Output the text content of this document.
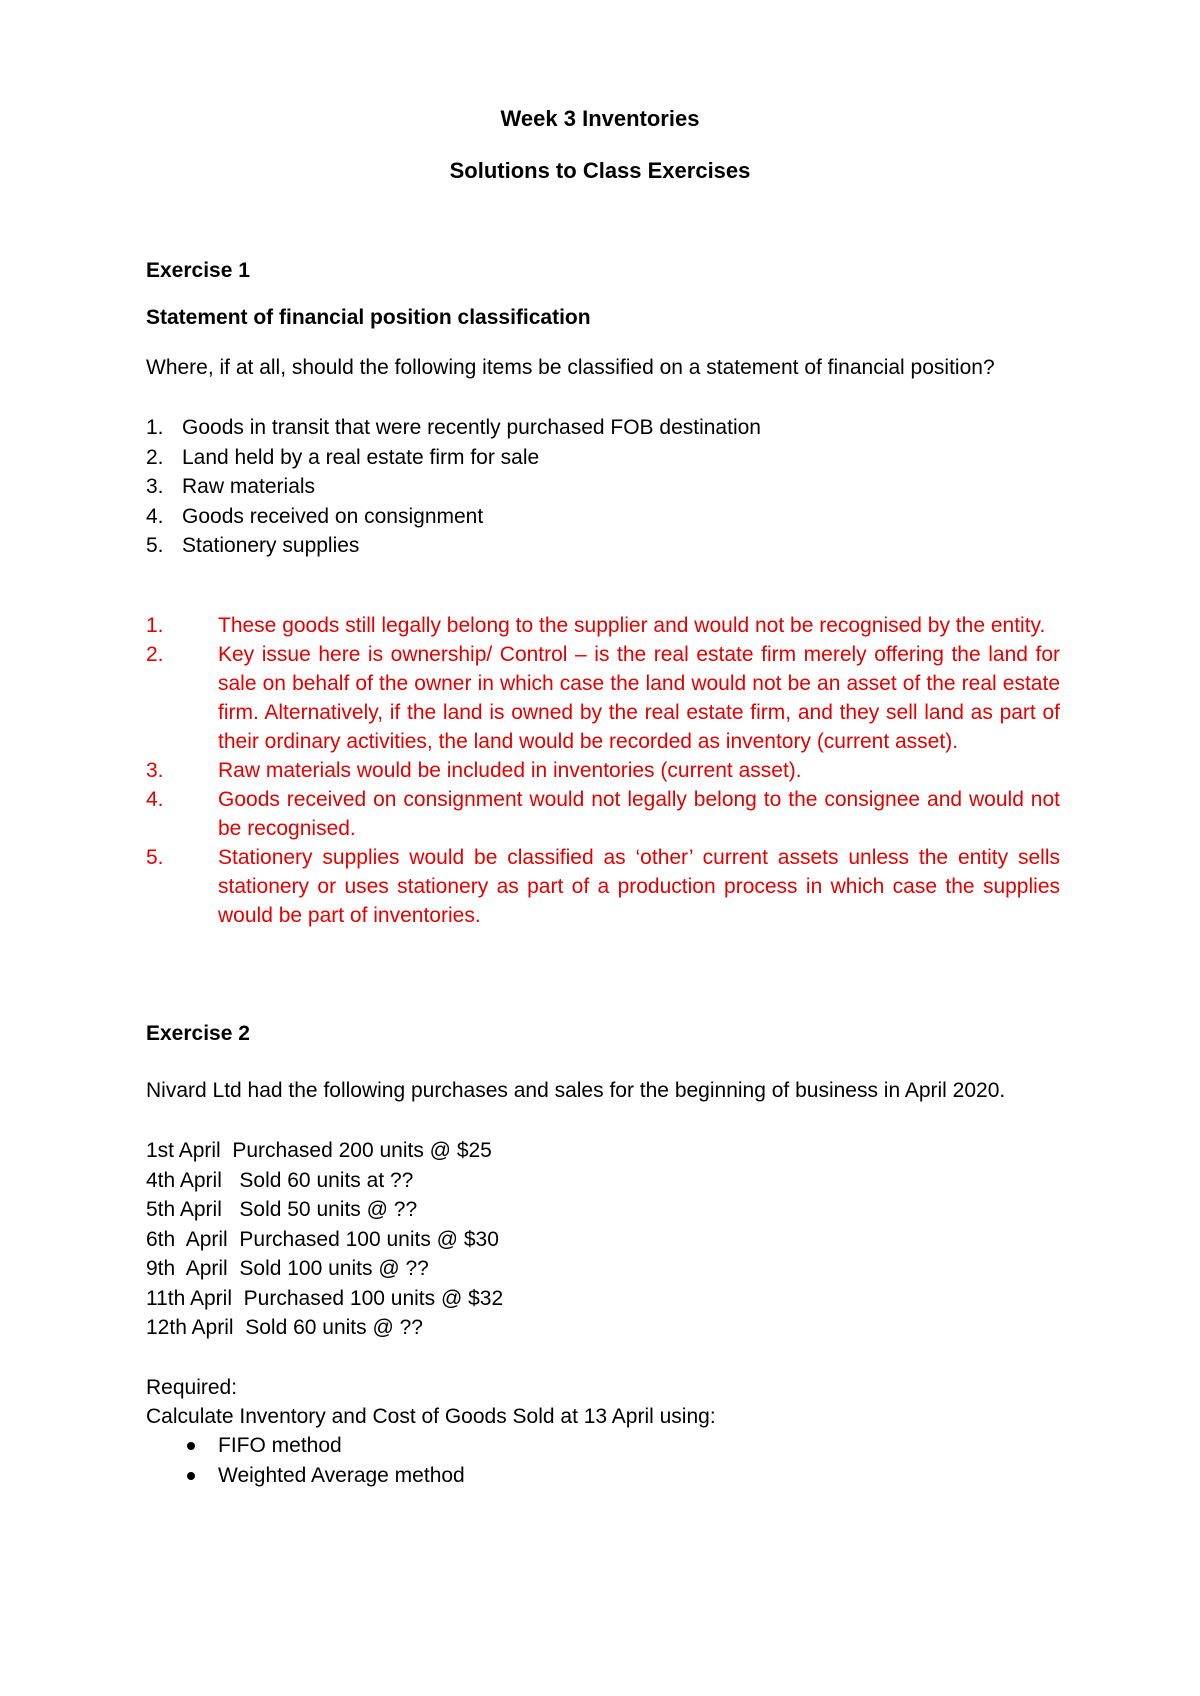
Week 3 Inventories
Solutions to Class Exercises
Exercise 1
Statement of financial position classification
Where, if at all, should the following items be classified on a statement of financial position?
1. Goods in transit that were recently purchased FOB destination
2. Land held by a real estate firm for sale
3. Raw materials
4. Goods received on consignment
5. Stationery supplies
1.	These goods still legally belong to the supplier and would not be recognised by the entity.
2.	Key issue here is ownership/ Control – is the real estate firm merely offering the land for sale on behalf of the owner in which case the land would not be an asset of the real estate firm. Alternatively, if the land is owned by the real estate firm, and they sell land as part of their ordinary activities, the land would be recorded as inventory (current asset).
3.	Raw materials would be included in inventories (current asset).
4.	Goods received on consignment would not legally belong to the consignee and would not be recognised.
5.	Stationery supplies would be classified as ‘other’ current assets unless the entity sells stationery or uses stationery as part of a production process in which case the supplies would be part of inventories.
Exercise 2
Nivard Ltd had the following purchases and sales for the beginning of business in April 2020.
1st April  Purchased 200 units @ $25
4th April   Sold 60 units at ??
5th April   Sold 50 units @ ??
6th  April  Purchased 100 units @ $30
9th  April  Sold 100 units @ ??
11th April  Purchased 100 units @ $32
12th April  Sold 60 units @ ??
Required:
Calculate Inventory and Cost of Goods Sold at 13 April using:
FIFO method
Weighted Average method
